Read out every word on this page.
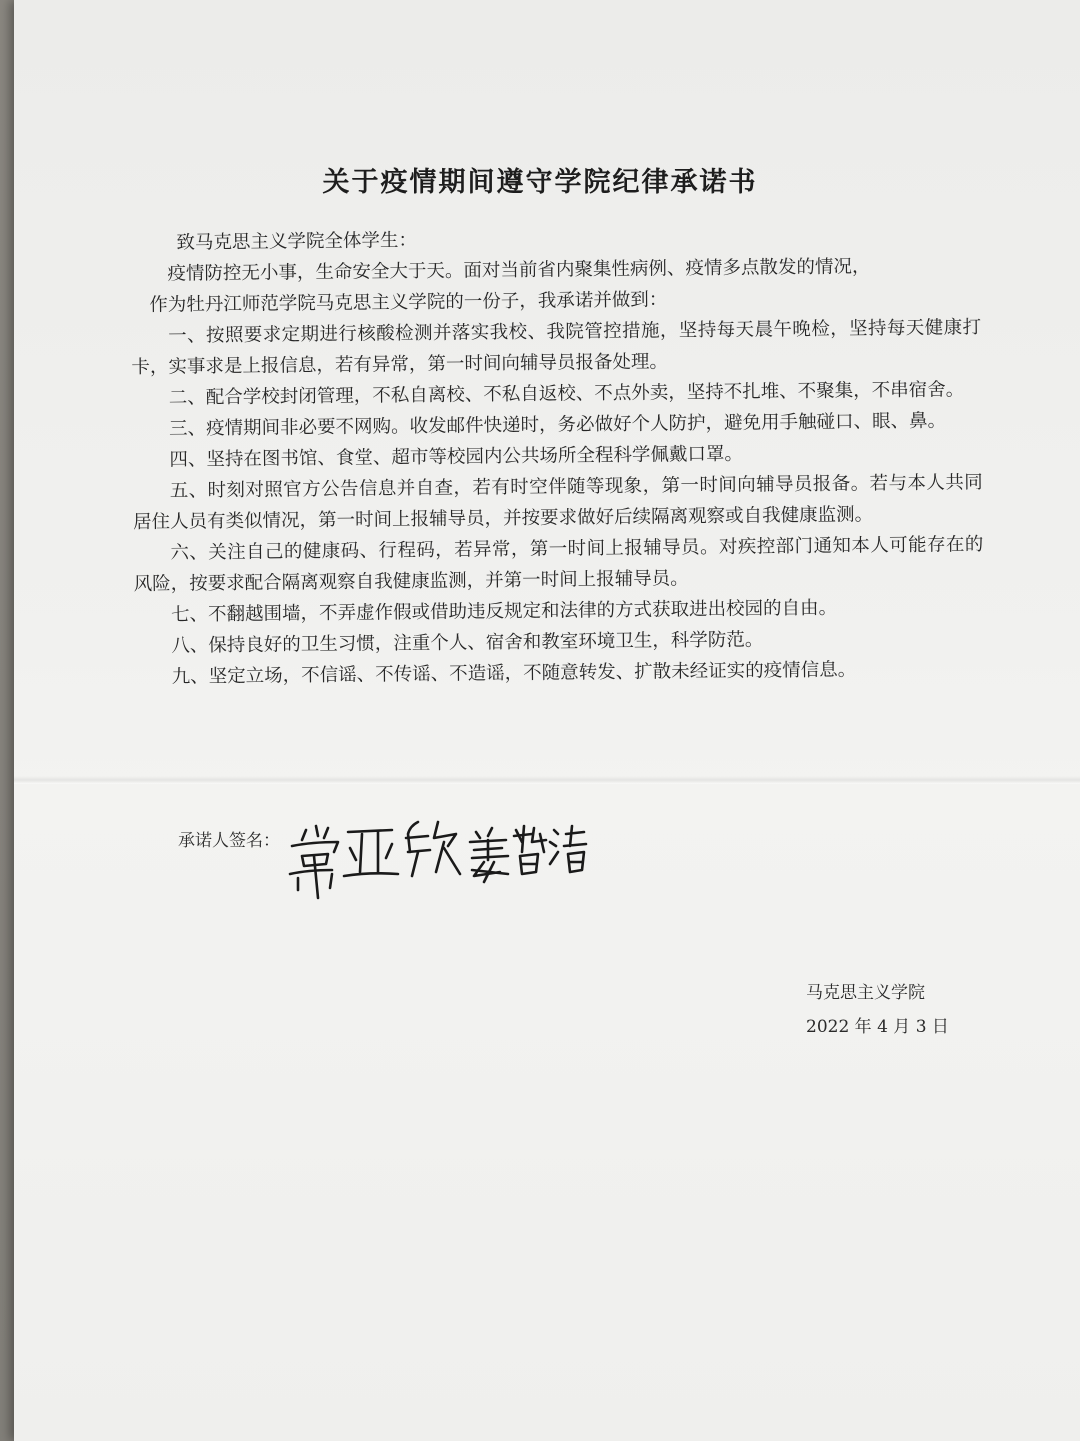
关于疫情期间遵守学院纪律承诺书

致马克思主义学院全体学生：

疫情防控无小事，生命安全大于天。面对当前省内聚集性病例、疫情多点散发的情况，

作为牡丹江师范学院马克思主义学院的一份子，我承诺并做到：

一、按照要求定期进行核酸检测并落实我校、我院管控措施，坚持每天晨午晚检，坚持每天健康打卡，实事求是上报信息，若有异常，第一时间向辅导员报备处理。

二、配合学校封闭管理，不私自离校、不私自返校、不点外卖，坚持不扎堆、不聚集，不串宿舍。

三、疫情期间非必要不网购。收发邮件快递时，务必做好个人防护，避免用手触碰口、眼、鼻。

四、坚持在图书馆、食堂、超市等校园内公共场所全程科学佩戴口罩。

五、时刻对照官方公告信息并自查，若有时空伴随等现象，第一时间向辅导员报备。若与本人共同居住人员有类似情况，第一时间上报辅导员，并按要求做好后续隔离观察或自我健康监测。

六、关注自己的健康码、行程码，若异常，第一时间上报辅导员。对疾控部门通知本人可能存在的风险，按要求配合隔离观察自我健康监测，并第一时间上报辅导员。

七、不翻越围墙，不弄虚作假或借助违反规定和法律的方式获取进出校园的自由。

八、保持良好的卫生习惯，注重个人、宿舍和教室环境卫生，科学防范。

九、坚定立场，不信谣、不传谣、不造谣，不随意转发、扩散未经证实的疫情信息。

承诺人签名：
马克思主义学院
2022 年 4 月 3 日
